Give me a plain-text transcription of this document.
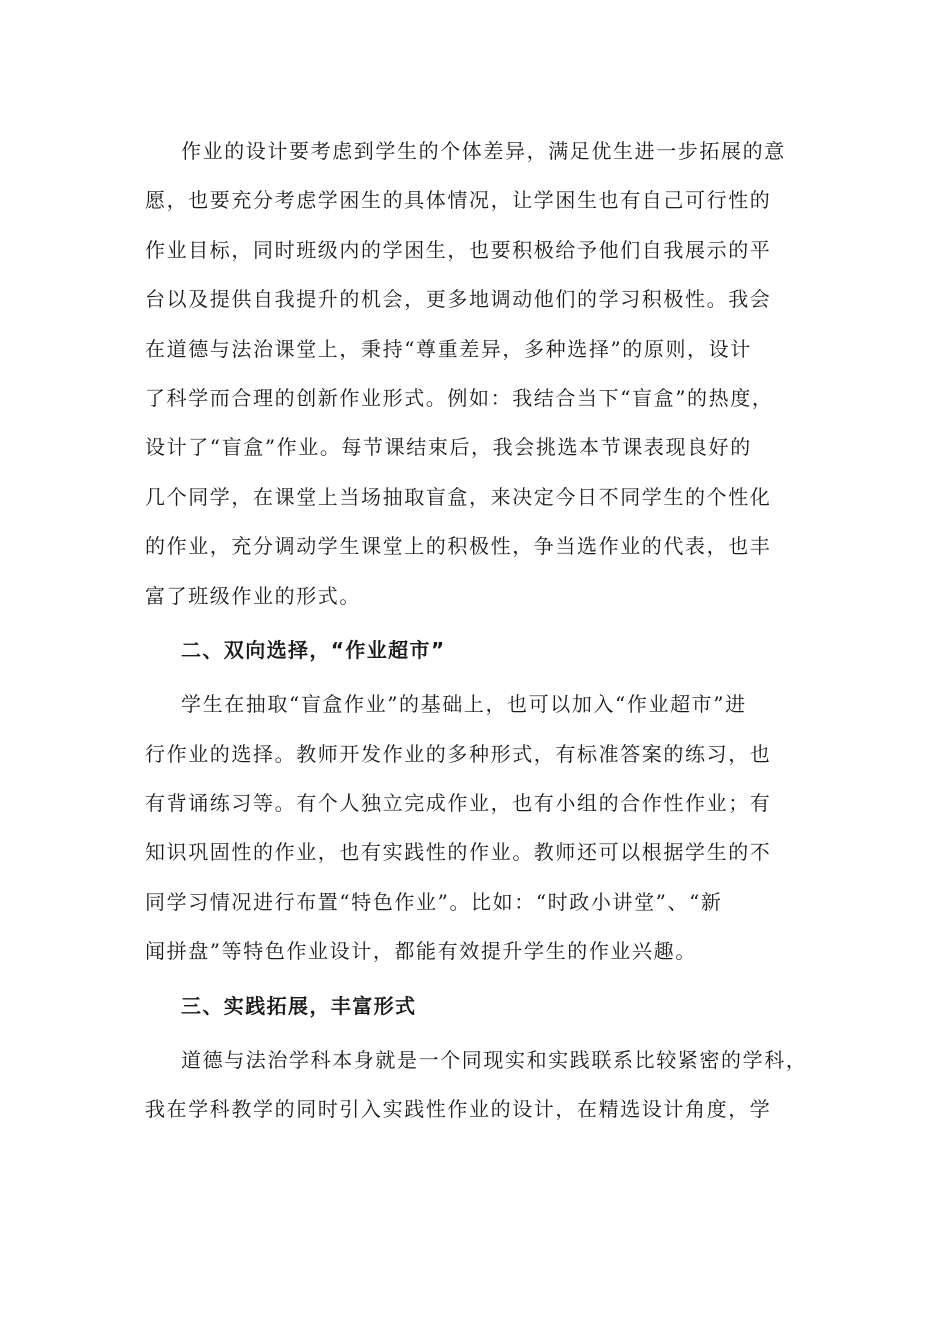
作业的设计要考虑到学生的个体差异，满足优生进一步拓展的意
愿，也要充分考虑学困生的具体情况，让学困生也有自己可行性的
作业目标，同时班级内的学困生，也要积极给予他们自我展示的平
台以及提供自我提升的机会，更多地调动他们的学习积极性。我会
在道德与法治课堂上，秉持“尊重差异，多种选择”的原则，设计
了科学而合理的创新作业形式。例如：我结合当下“盲盒”的热度，
设计了“盲盒”作业。每节课结束后，我会挑选本节课表现良好的
几个同学，在课堂上当场抽取盲盒，来决定今日不同学生的个性化
的作业，充分调动学生课堂上的积极性，争当选作业的代表，也丰
富了班级作业的形式。
二、双向选择，“作业超市”
学生在抽取“盲盒作业”的基础上，也可以加入“作业超市”进
行作业的选择。教师开发作业的多种形式，有标准答案的练习，也
有背诵练习等。有个人独立完成作业，也有小组的合作性作业；有
知识巩固性的作业，也有实践性的作业。教师还可以根据学生的不
同学习情况进行布置“特色作业”。比如：“时政小讲堂”、“新
闻拼盘”等特色作业设计，都能有效提升学生的作业兴趣。
三、实践拓展，丰富形式
道德与法治学科本身就是一个同现实和实践联系比较紧密的学科，
我在学科教学的同时引入实践性作业的设计，在精选设计角度，学
